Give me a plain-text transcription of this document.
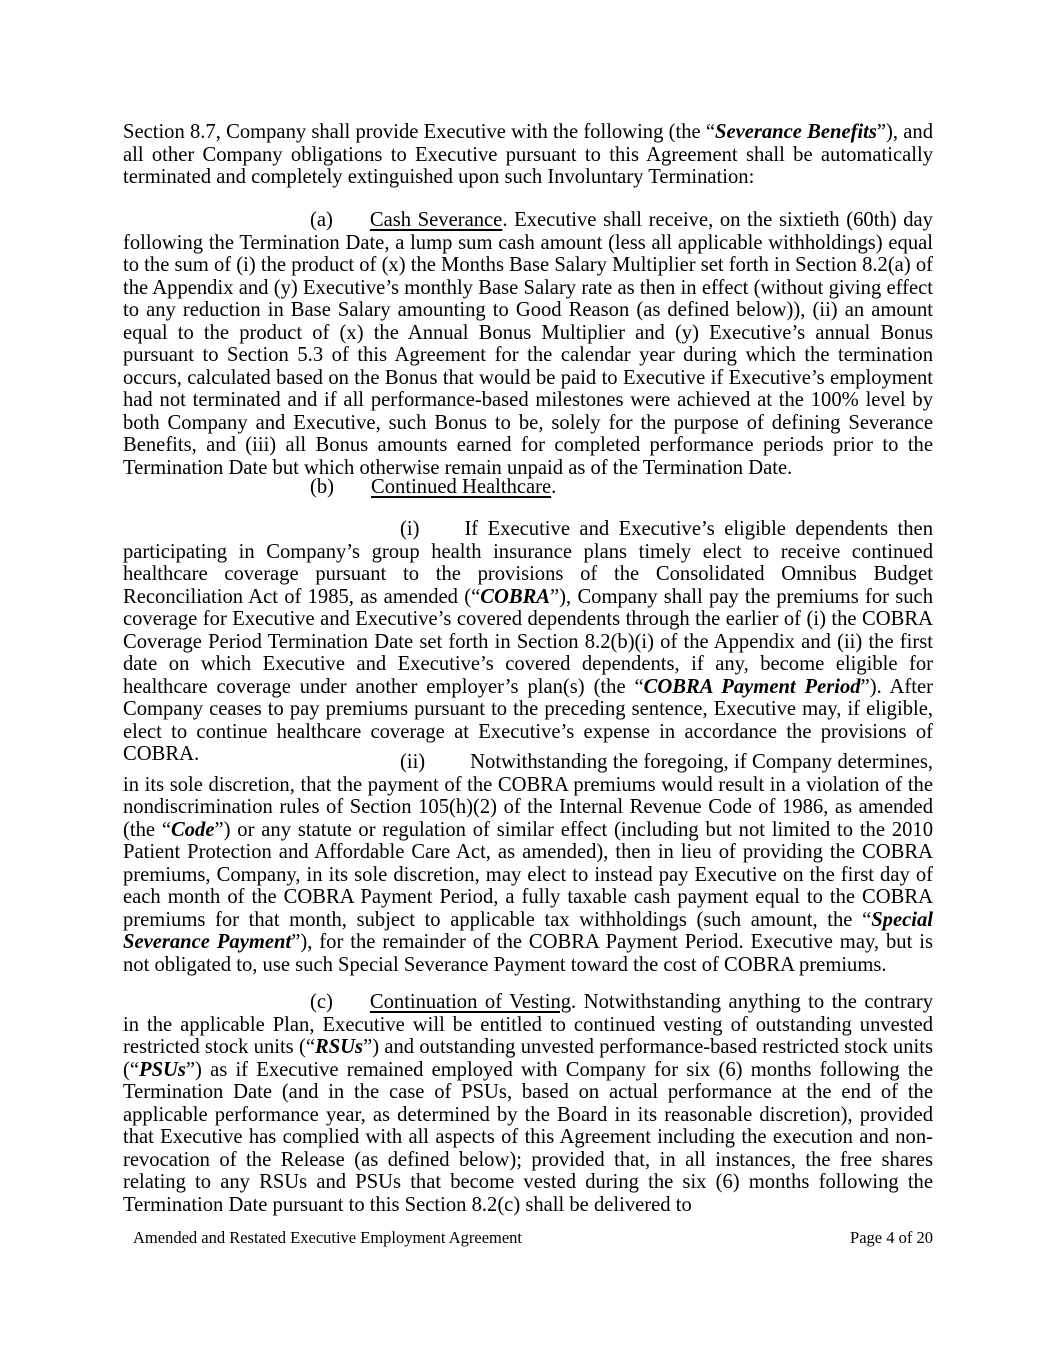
Section 8.7, Company shall provide Executive with the following (the “Severance Benefits”), and all other Company obligations to Executive pursuant to this Agreement shall be automatically terminated and completely extinguished upon such Involuntary Termination:

(a) Cash Severance. Executive shall receive, on the sixtieth (60th) day following the Termination Date, a lump sum cash amount (less all applicable withholdings) equal to the sum of (i) the product of (x) the Months Base Salary Multiplier set forth in Section 8.2(a) of the Appendix and (y) Executive’s monthly Base Salary rate as then in effect (without giving effect to any reduction in Base Salary amounting to Good Reason (as defined below)), (ii) an amount equal to the product of (x) the Annual Bonus Multiplier and (y) Executive’s annual Bonus pursuant to Section 5.3 of this Agreement for the calendar year during which the termination occurs, calculated based on the Bonus that would be paid to Executive if Executive’s employment had not terminated and if all performance-based milestones were achieved at the 100% level by both Company and Executive, such Bonus to be, solely for the purpose of defining Severance Benefits, and (iii) all Bonus amounts earned for completed performance periods prior to the Termination Date but which otherwise remain unpaid as of the Termination Date.

(b) Continued Healthcare.

(i) If Executive and Executive’s eligible dependents then participating in Company’s group health insurance plans timely elect to receive continued healthcare coverage pursuant to the provisions of the Consolidated Omnibus Budget Reconciliation Act of 1985, as amended (“COBRA”), Company shall pay the premiums for such coverage for Executive and Executive’s covered dependents through the earlier of (i) the COBRA Coverage Period Termination Date set forth in Section 8.2(b)(i) of the Appendix and (ii) the first date on which Executive and Executive’s covered dependents, if any, become eligible for healthcare coverage under another employer’s plan(s) (the “COBRA Payment Period”). After Company ceases to pay premiums pursuant to the preceding sentence, Executive may, if eligible, elect to continue healthcare coverage at Executive’s expense in accordance the provisions of COBRA.	(ii) Notwithstanding the foregoing, if Company determines, in its sole discretion, that the payment of the COBRA premiums would result in a violation of the nondiscrimination rules of Section 105(h)(2) of the Internal Revenue Code of 1986, as amended (the “Code”) or any statute or regulation of similar effect (including but not limited to the 2010 Patient Protection and Affordable Care Act, as amended), then in lieu of providing the COBRA premiums, Company, in its sole discretion, may elect to instead pay Executive on the first day of each month of the COBRA Payment Period, a fully taxable cash payment equal to the COBRA premiums for that month, subject to applicable tax withholdings (such amount, the “Special Severance Payment”), for the remainder of the COBRA Payment Period. Executive may, but is not obligated to, use such Special Severance Payment toward the cost of COBRA premiums.

(c) Continuation of Vesting. Notwithstanding anything to the contrary in the applicable Plan, Executive will be entitled to continued vesting of outstanding unvested restricted stock units (“RSUs”) and outstanding unvested performance-based restricted stock units (“PSUs”) as if Executive remained employed with Company for six (6) months following the Termination Date (and in the case of PSUs, based on actual performance at the end of the applicable performance year, as determined by the Board in its reasonable discretion), provided that Executive has complied with all aspects of this Agreement including the execution and non-revocation of the Release (as defined below); provided that, in all instances, the free shares relating to any RSUs and PSUs that become vested during the six (6) months following the Termination Date pursuant to this Section 8.2(c) shall be delivered to

Amended and Restated Executive Employment Agreement	Page 4 of 20
